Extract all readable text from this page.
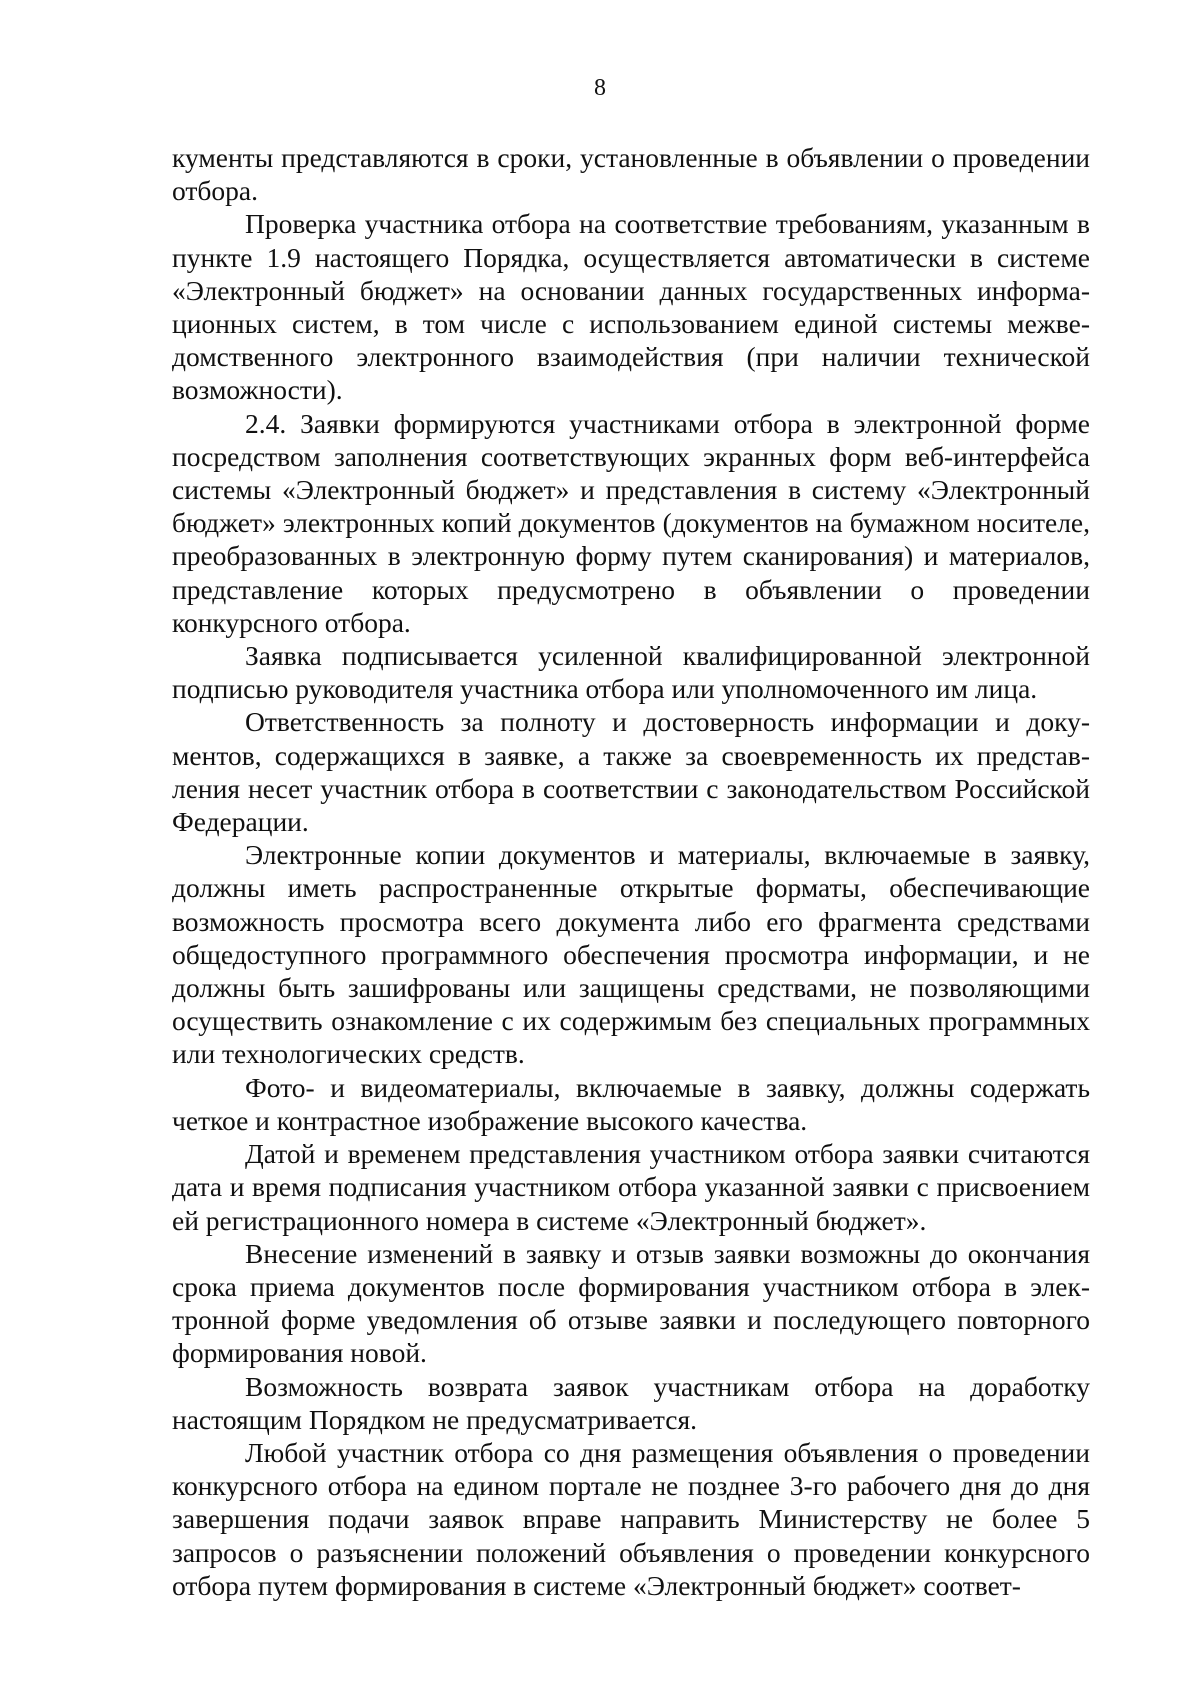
8

кументы представляются в сроки, установленные в объявлении о проведении отбора.

Проверка участника отбора на соответствие требованиям, указанным в пункте 1.9 настоящего Порядка, осуществляется автоматически в системе «Электронный бюджет» на основании данных государственных информационных систем, в том числе с использованием единой системы межведомственного электронного взаимодействия (при наличии технической возможности).

2.4. Заявки формируются участниками отбора в электронной форме посредством заполнения соответствующих экранных форм веб-интерфейса системы «Электронный бюджет» и представления в систему «Электронный бюджет» электронных копий документов (документов на бумажном носителе, преобразованных в электронную форму путем сканирования) и материалов, представление которых предусмотрено в объявлении о проведении конкурсного отбора.

Заявка подписывается усиленной квалифицированной электронной подписью руководителя участника отбора или уполномоченного им лица.

Ответственность за полноту и достоверность информации и документов, содержащихся в заявке, а также за своевременность их представления несет участник отбора в соответствии с законодательством Российской Федерации.

Электронные копии документов и материалы, включаемые в заявку, должны иметь распространенные открытые форматы, обеспечивающие возможность просмотра всего документа либо его фрагмента средствами общедоступного программного обеспечения просмотра информации, и не должны быть зашифрованы или защищены средствами, не позволяющими осуществить ознакомление с их содержимым без специальных программных или технологических средств.

Фото- и видеоматериалы, включаемые в заявку, должны содержать четкое и контрастное изображение высокого качества.

Датой и временем представления участником отбора заявки считаются дата и время подписания участником отбора указанной заявки с присвоением ей регистрационного номера в системе «Электронный бюджет».

Внесение изменений в заявку и отзыв заявки возможны до окончания срока приема документов после формирования участником отбора в электронной форме уведомления об отзыве заявки и последующего повторного формирования новой.

Возможность возврата заявок участникам отбора на доработку настоящим Порядком не предусматривается.

Любой участник отбора со дня размещения объявления о проведении конкурсного отбора на едином портале не позднее 3-го рабочего дня до дня завершения подачи заявок вправе направить Министерству не более 5 запросов о разъяснении положений объявления о проведении конкурсного отбора путем формирования в системе «Электронный бюджет» соответ-
